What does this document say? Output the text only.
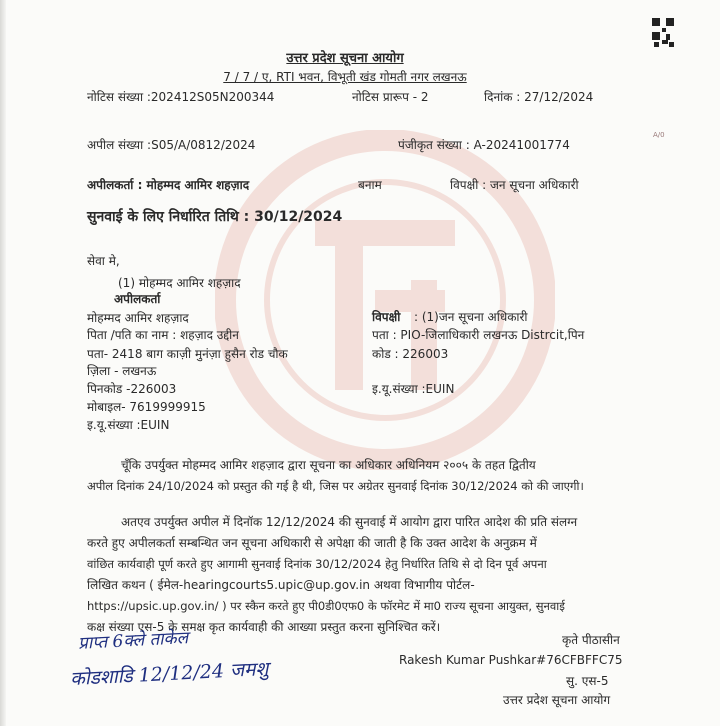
उत्तर प्रदेश सूचना आयोग
7 / 7 / ए, RTI भवन, विभूती खंड गोमती नगर लखनऊ
नोटिस संख्या :202412S05N200344	नोटिस प्रारूप - 2	दिनांक : 27/12/2024
अपील संख्या :S05/A/0812/2024	पंजीकृत संख्या : A-20241001774
A/0
अपीलकर्ता : मोहम्मद आमिर शहज़ाद	बनाम	विपक्षी : जन सूचना अधिकारी
सुनवाई के लिए निर्धारित तिथि : 30/12/2024
सेवा मे,
(1) मोहम्मद आमिर शहज़ाद
अपीलकर्ता
मोहम्मद आमिर शहज़ाद
पिता /पति का नाम : शहज़ाद उद्दीन
पता- 2418 बाग काज़ी मुनंज़ा हुसैन रोड चौक
ज़िला - लखनऊ
पिनकोड -226003
मोबाइल- 7619999915
इ.यू.संख्या :EUIN
विपक्षी : (1)जन सूचना अधिकारी
पता : PIO-जिलाधिकारी लखनऊ Distrcit,पिन
कोड : 226003
इ.यू.संख्या :EUIN
चूँकि उपर्युक्त मोहम्मद आमिर शहज़ाद द्वारा सूचना का अधिकार अधिनियम २००५ के तहत द्वितीय
अपील दिनांक 24/10/2024 को प्रस्तुत की गई है थी, जिस पर अग्रेतर सुनवाई दिनांक 30/12/2024 को की जाएगी।
अतएव उपर्युक्त अपील में दिनॉक 12/12/2024 की सुनवाई में आयोग द्वारा पारित आदेश की प्रति संलग्न
करते हुए अपीलकर्ता सम्बन्धित जन सूचना अधिकारी से अपेक्षा की जाती है कि उक्त आदेश के अनुक्रम में
वांछित कार्यवाही पूर्ण करते हुए आगामी सुनवाई दिनांक 30/12/2024 हेतु निर्धारित तिथि से दो दिन पूर्व अपना
लिखित कथन ( ईमेल-hearingcourts5.upic@up.gov.in अथवा विभागीय पोर्टल-
https://upsic.up.gov.in/ ) पर स्कैन करते हुए पी0डी0एफ0 के फॉरमेट में मा0 राज्य सूचना आयुक्त, सुनवाई
कक्ष संख्या एस-5 के समक्ष कृत कार्यवाही की आख्या प्रस्तुत करना सुनिश्चित करें।
प्राप्त 6क्ले ताकेल
कोडशाडि 12/12/24 जमशु
कृते पीठासीन
Rakesh Kumar Pushkar#76CFBFFC75
सु. एस-5
उत्तर प्रदेश सूचना आयोग
